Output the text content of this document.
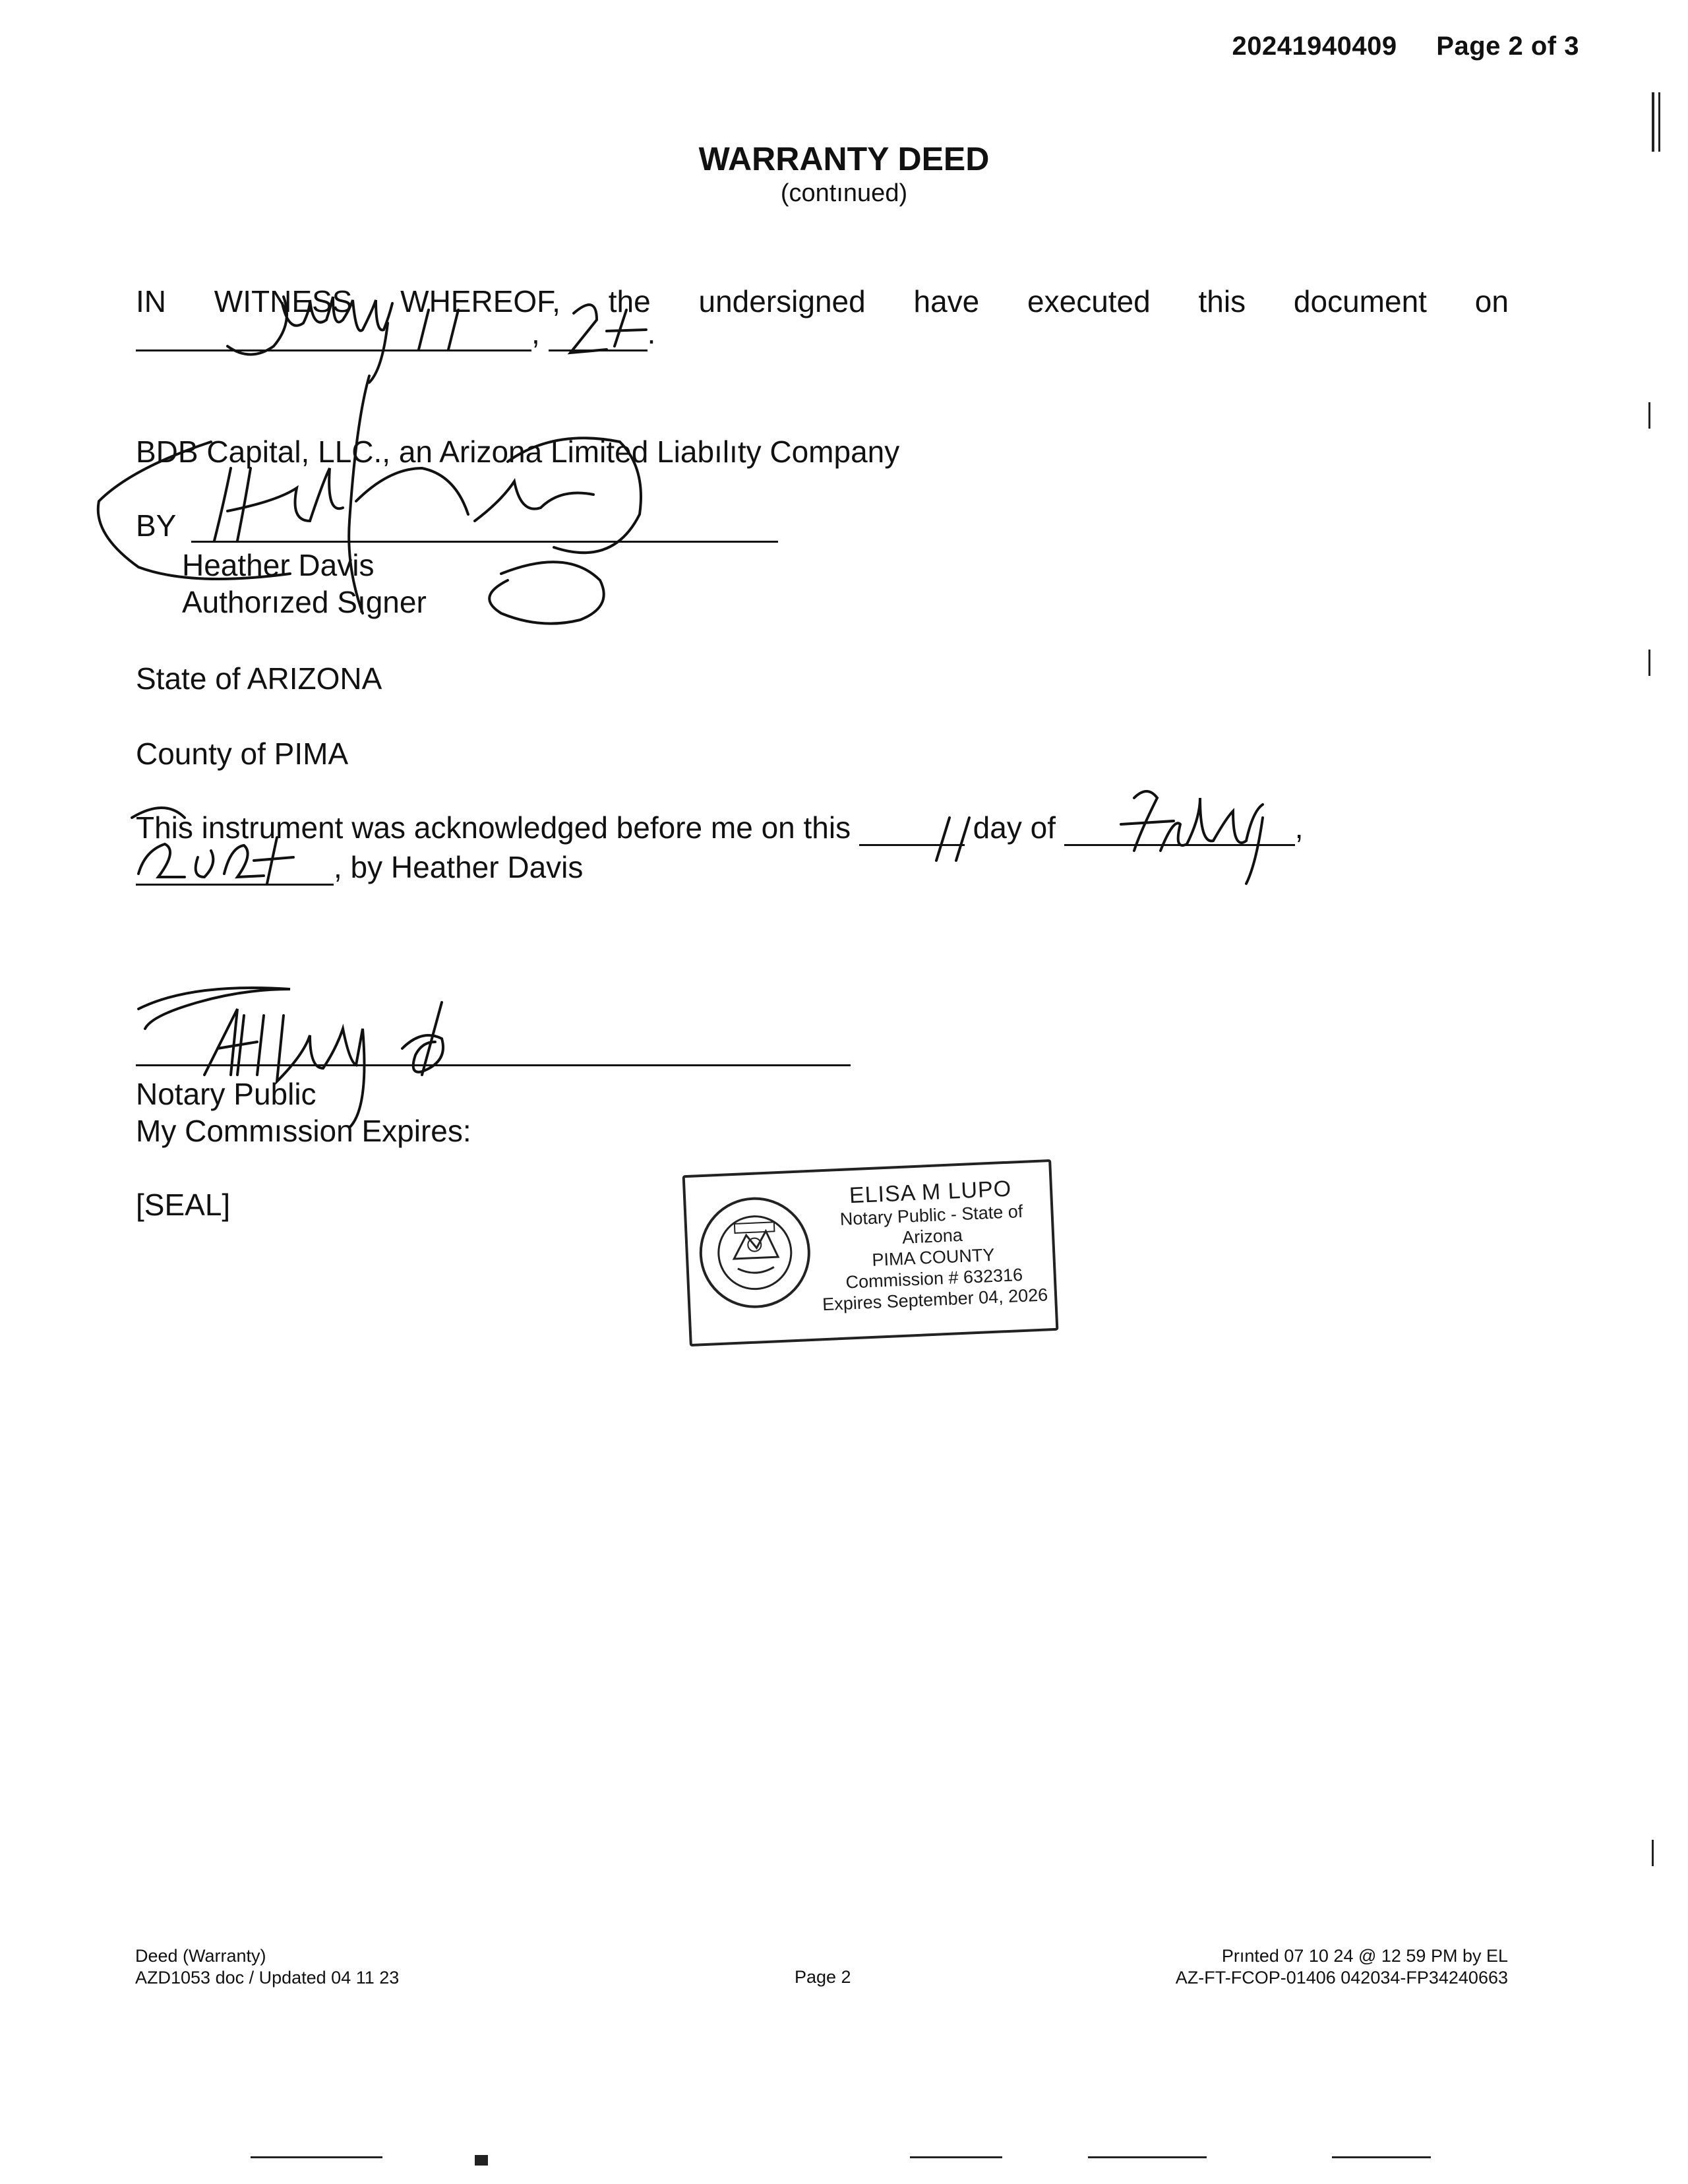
20241940409 Page 2 of 3
WARRANTY DEED
(contınued)
IN WITNESS WHEREOF, the undersigned have executed this document on
,	.
BDB Capital, LLC., an Arizona Limited Liabılıty Company
BY
Heather Davis
Authorızed Sıgner
State of ARIZONA
County of PIMA
This instrument was acknowledged before me on this	day of	,
, by Heather Davis
Notary Public
My Commıssion Expires:
[SEAL]	ELISA M LUPO
Notary Public - State of Arizona
PIMA COUNTY
Commission # 632316
Expires September 04, 2026
Deed (Warranty)
AZD1053 doc / Updated 04 11 23	Page 2
Prınted 07 10 24 @ 12 59 PM by EL
AZ-FT-FCOP-01406 042034-FP34240663
